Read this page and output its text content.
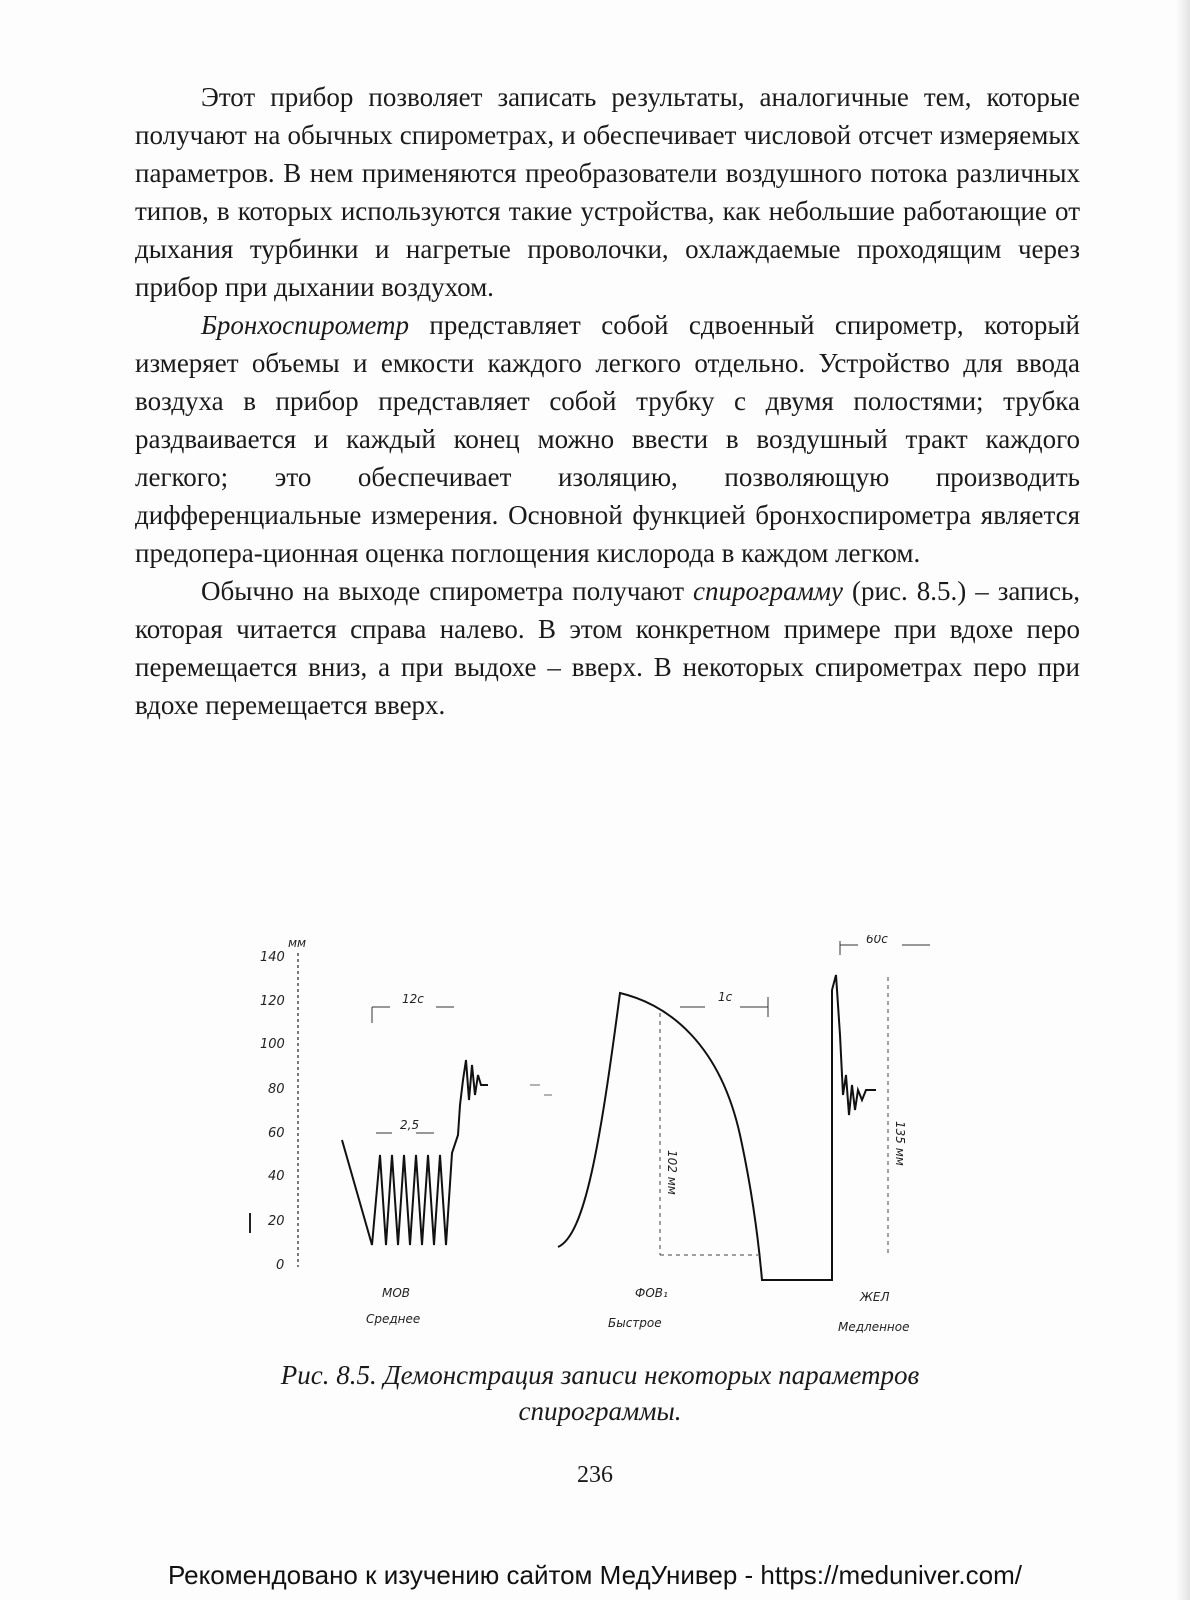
Этот прибор позволяет записать результаты, аналогичные тем, которые получают на обычных спирометрах, и обеспечивает числовой отсчет измеряемых параметров. В нем применяются преобразователи воздушного потока различных типов, в которых используются такие устройства, как небольшие работающие от дыхания турбинки и нагретые проволочки, охлаждаемые проходящим через прибор при дыхании воздухом.

Бронхоспирометр представляет собой сдвоенный спирометр, который измеряет объемы и емкости каждого легкого отдельно. Устройство для ввода воздуха в прибор представляет собой трубку с двумя полостями; трубка раздваивается и каждый конец можно ввести в воздушный тракт каждого легкого; это обеспечивает изоляцию, позволяющую производить дифференциальные измерения. Основной функцией бронхоспирометра является предопера-ционная оценка поглощения кислорода в каждом легком.

Обычно на выходе спирометра получают спирограмму (рис. 8.5.) – запись, которая читается справа налево. В этом конкретном примере при вдохе перо перемещается вниз, а при выдохе – вверх. В некоторых спирометрах перо при вдохе перемещается вверх.

мм
140
120
100
80
60
40
20
0
12с
2,5
102 мм
1с
60с
135 мм
МОВ
Среднее
ФОВ₁
Быстрое
ЖЕЛ
Медленное
Рис. 8.5. Демонстрация записи некоторых параметров
спирограммы.
236
Рекомендовано к изучению сайтом МедУнивер - https://meduniver.com/
